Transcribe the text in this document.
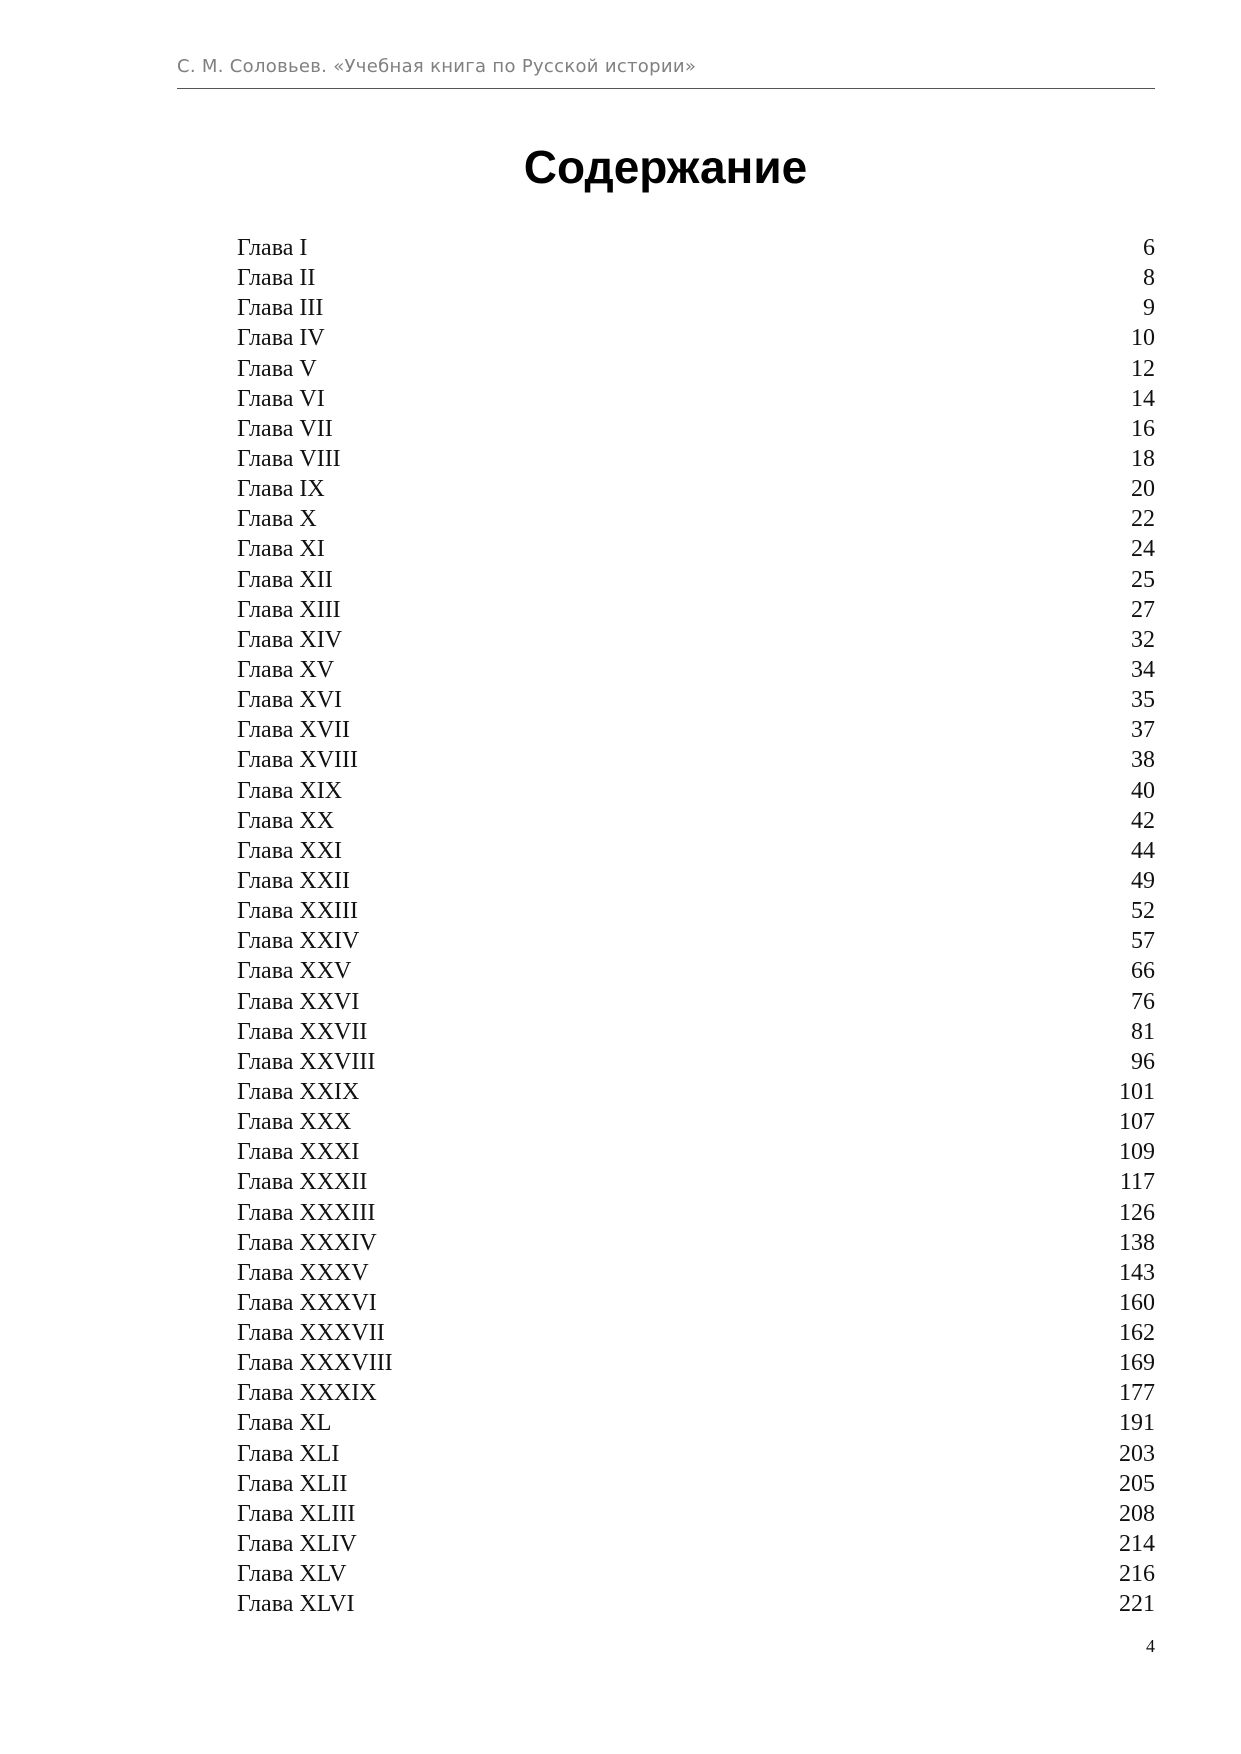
С. М. Соловьев. «Учебная книга по Русской истории»
Содержание
Глава I	6
Глава II	8
Глава III	9
Глава IV	10
Глава V	12
Глава VI	14
Глава VII	16
Глава VIII	18
Глава IX	20
Глава X	22
Глава XI	24
Глава XII	25
Глава XIII	27
Глава XIV	32
Глава XV	34
Глава XVI	35
Глава XVII	37
Глава XVIII	38
Глава XIX	40
Глава XX	42
Глава XXI	44
Глава XXII	49
Глава XXIII	52
Глава XXIV	57
Глава XXV	66
Глава XXVI	76
Глава XXVII	81
Глава XXVIII	96
Глава XXIX	101
Глава XXX	107
Глава XXXI	109
Глава XXXII	117
Глава XXXIII	126
Глава XXXIV	138
Глава XXXV	143
Глава XXXVI	160
Глава XXXVII	162
Глава XXXVIII	169
Глава XXXIX	177
Глава XL	191
Глава XLI	203
Глава XLII	205
Глава XLIII	208
Глава XLIV	214
Глава XLV	216
Глава XLVI	221
4
